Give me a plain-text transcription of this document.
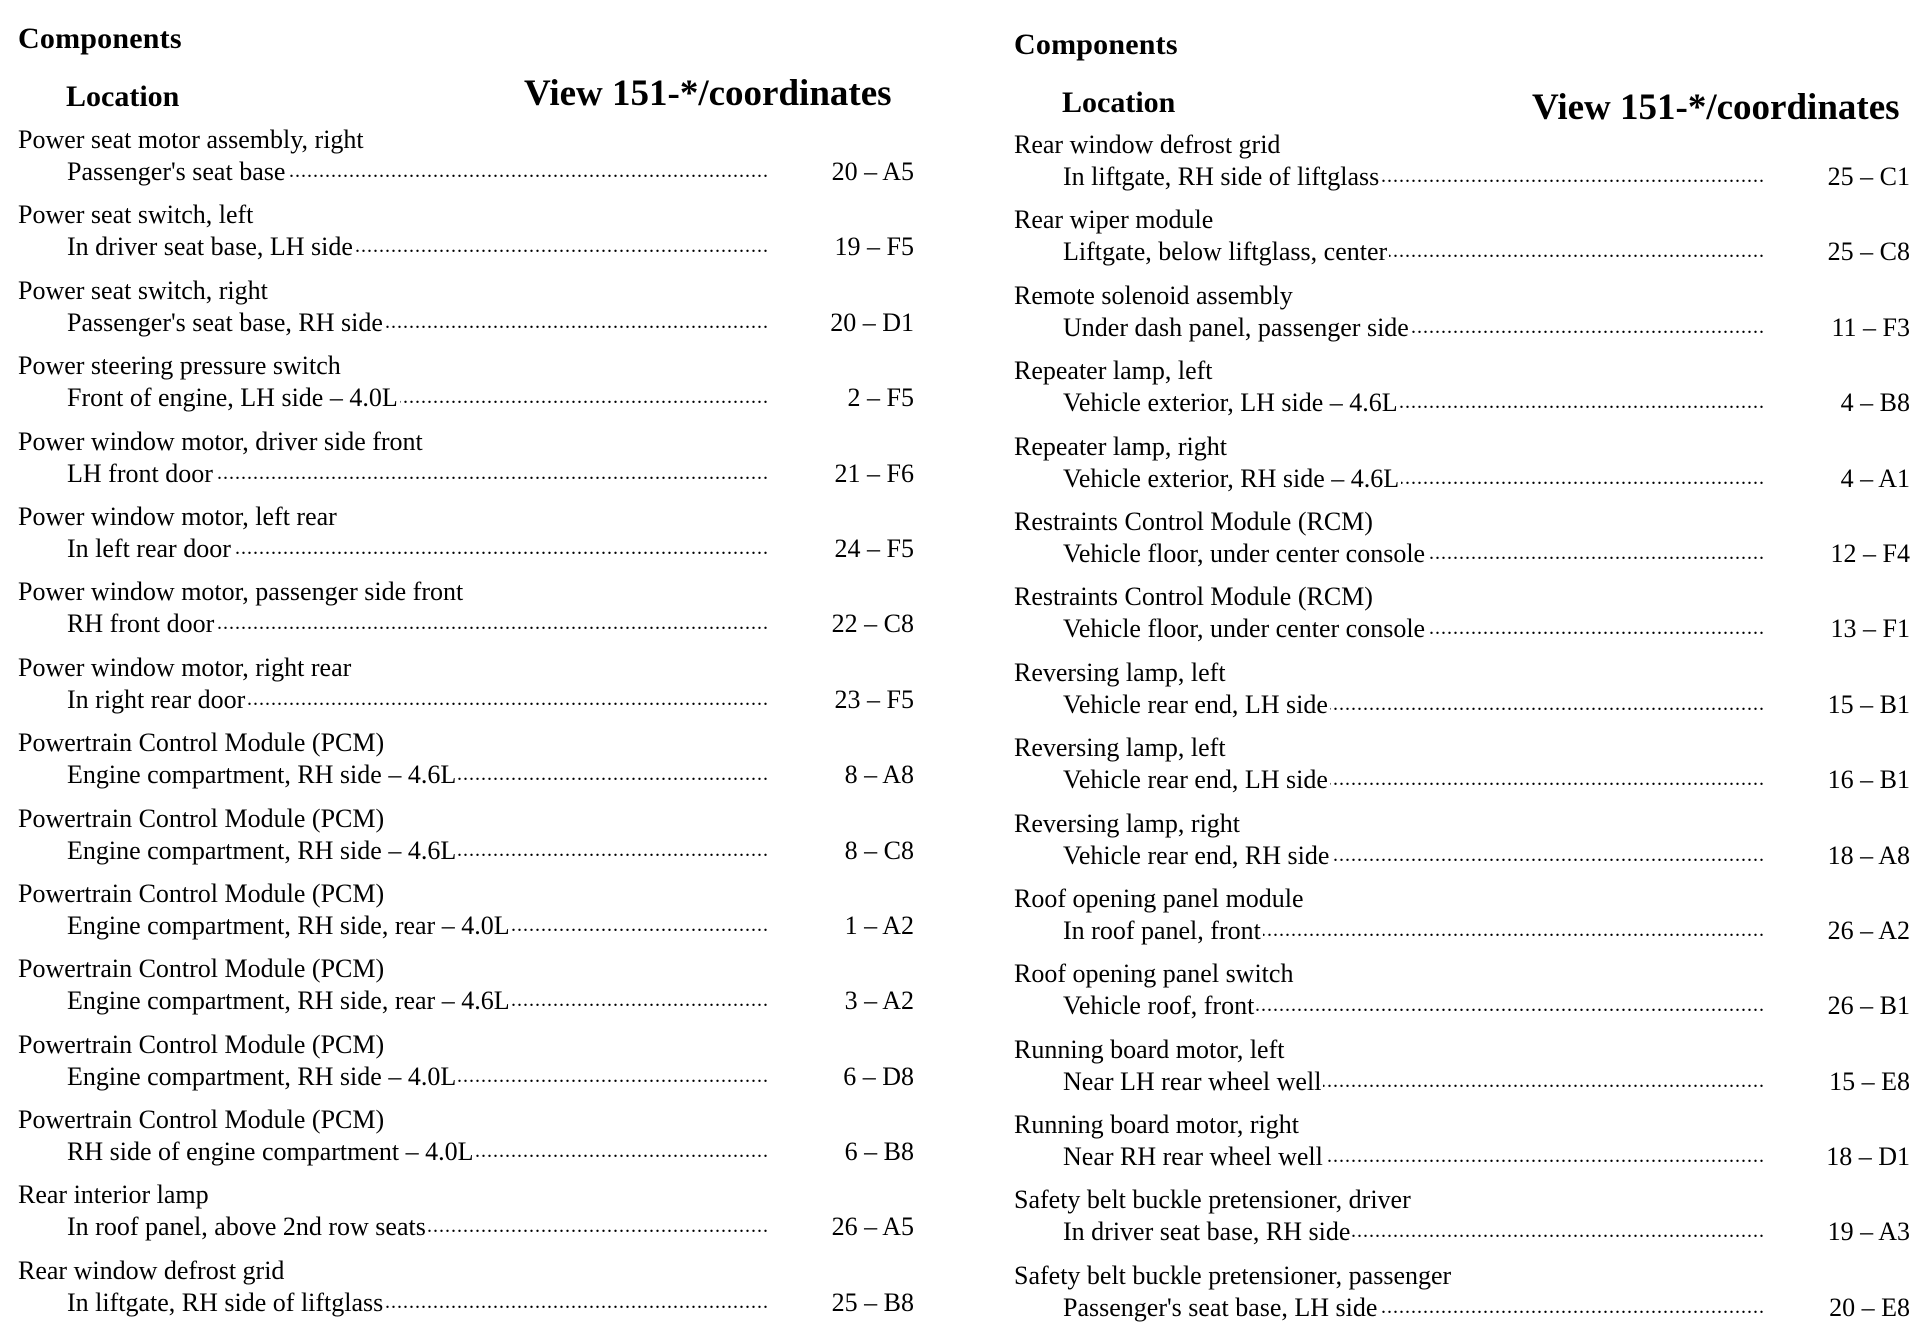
Components
Location	View 151-*/coordinates
Power seat motor assembly, right
Passenger's seat base .....	20 – A5
Power seat switch, left
In driver seat base, LH side .....	19 – F5
Power seat switch, right
Passenger's seat base, RH side .....	20 – D1
Power steering pressure switch
Front of engine, LH side – 4.0L .....	2 – F5
Power window motor, driver side front
LH front door .....	21 – F6
Power window motor, left rear
In left rear door .....	24 – F5
Power window motor, passenger side front
RH front door .....	22 – C8
Power window motor, right rear
In right rear door .....	23 – F5
Powertrain Control Module (PCM)
Engine compartment, RH side – 4.6L .....	8 – A8
Powertrain Control Module (PCM)
Engine compartment, RH side – 4.6L .....	8 – C8
Powertrain Control Module (PCM)
Engine compartment, RH side, rear – 4.0L .....	1 – A2
Powertrain Control Module (PCM)
Engine compartment, RH side, rear – 4.6L .....	3 – A2
Powertrain Control Module (PCM)
Engine compartment, RH side – 4.0L .....	6 – D8
Powertrain Control Module (PCM)
RH side of engine compartment – 4.0L .....	6 – B8
Rear interior lamp
In roof panel, above 2nd row seats .....	26 – A5
Rear window defrost grid
In liftgate, RH side of liftglass .....	25 – B8
Components
Location	View 151-*/coordinates
Rear window defrost grid
In liftgate, RH side of liftglass .....	25 – C1
Rear wiper module
Liftgate, below liftglass, center .....	25 – C8
Remote solenoid assembly
Under dash panel, passenger side .....	11 – F3
Repeater lamp, left
Vehicle exterior, LH side – 4.6L .....	4 – B8
Repeater lamp, right
Vehicle exterior, RH side – 4.6L .....	4 – A1
Restraints Control Module (RCM)
Vehicle floor, under center console .....	12 – F4
Restraints Control Module (RCM)
Vehicle floor, under center console .....	13 – F1
Reversing lamp, left
Vehicle rear end, LH side .....	15 – B1
Reversing lamp, left
Vehicle rear end, LH side .....	16 – B1
Reversing lamp, right
Vehicle rear end, RH side .....	18 – A8
Roof opening panel module
In roof panel, front .....	26 – A2
Roof opening panel switch
Vehicle roof, front .....	26 – B1
Running board motor, left
Near LH rear wheel well .....	15 – E8
Running board motor, right
Near RH rear wheel well .....	18 – D1
Safety belt buckle pretensioner, driver
In driver seat base, RH side .....	19 – A3
Safety belt buckle pretensioner, passenger
Passenger's seat base, LH side .....	20 – E8
